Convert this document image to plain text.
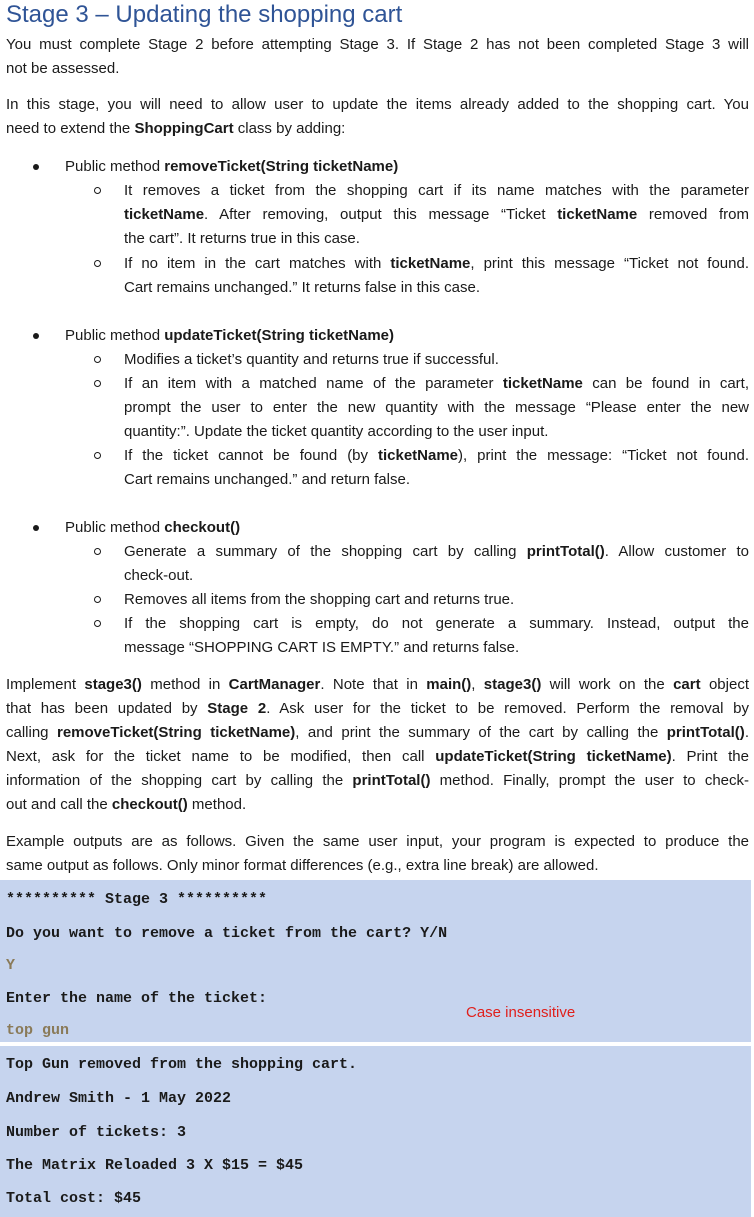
Stage 3 – Updating the shopping cart
You must complete Stage 2 before attempting Stage 3. If Stage 2 has not been completed Stage 3 will
not be assessed.
In this stage, you will need to allow user to update the items already added to the shopping cart. You
need to extend the ShoppingCart class by adding:
Public method removeTicket(String ticketName)
It removes a ticket from the shopping cart if its name matches with the parameter
ticketName. After removing, output this message “Ticket ticketName removed from
the cart”. It returns true in this case.
If no item in the cart matches with ticketName, print this message “Ticket not found.
Cart remains unchanged.” It returns false in this case.
Public method updateTicket(String ticketName)
Modifies a ticket’s quantity and returns true if successful.
If an item with a matched name of the parameter ticketName can be found in cart,
prompt the user to enter the new quantity with the message “Please enter the new
quantity:”. Update the ticket quantity according to the user input.
If the ticket cannot be found (by ticketName), print the message: “Ticket not found.
Cart remains unchanged.” and return false.
Public method checkout()
Generate a summary of the shopping cart by calling printTotal(). Allow customer to
check-out.
Removes all items from the shopping cart and returns true.
If the shopping cart is empty, do not generate a summary. Instead, output the
message “SHOPPING CART IS EMPTY.” and returns false.
Implement stage3() method in CartManager. Note that in main(), stage3() will work on the cart object
that has been updated by Stage 2. Ask user for the ticket to be removed. Perform the removal by
calling removeTicket(String ticketName), and print the summary of the cart by calling the printTotal().
Next, ask for the ticket name to be modified, then call updateTicket(String ticketName). Print the
information of the shopping cart by calling the printTotal() method. Finally, prompt the user to check-
out and call the checkout() method.
Example outputs are as follows. Given the same user input, your program is expected to produce the
same output as follows. Only minor format differences (e.g., extra line break) are allowed.
********** Stage 3 **********
Do you want to remove a ticket from the cart? Y/N
Y
Enter the name of the ticket:
top gun
Case insensitive
Top Gun removed from the shopping cart.
Andrew Smith - 1 May 2022
Number of tickets: 3
The Matrix Reloaded 3 X $15 = $45
Total cost: $45
